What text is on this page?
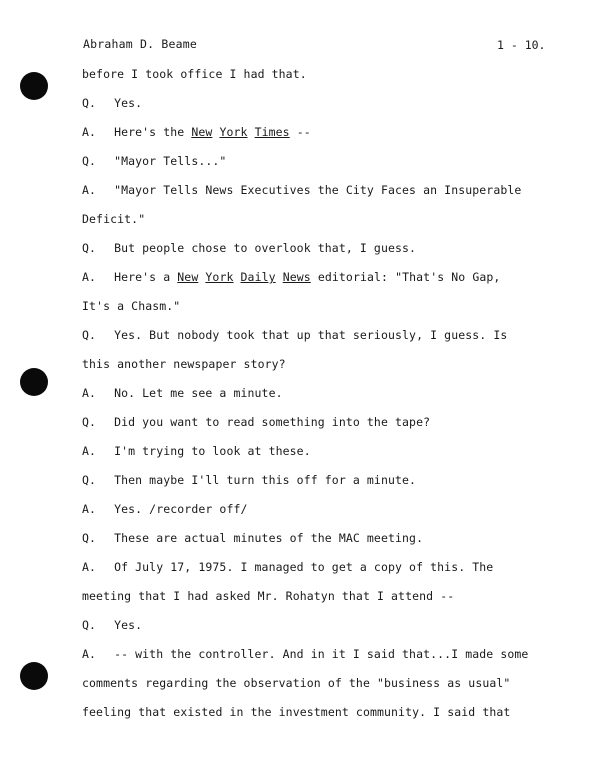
Abraham D. Beame	1 - 10.
before I took office I had that.
Q. Yes.
A. Here's the New York Times --
Q. "Mayor Tells..."
A. "Mayor Tells News Executives the City Faces an Insuperable
Deficit."
Q. But people chose to overlook that, I guess.
A. Here's a New York Daily News editorial: "That's No Gap,
It's a Chasm."
Q. Yes. But nobody took that up that seriously, I guess. Is
this another newspaper story?
A. No. Let me see a minute.
Q. Did you want to read something into the tape?
A. I'm trying to look at these.
Q. Then maybe I'll turn this off for a minute.
A. Yes. /recorder off/
Q. These are actual minutes of the MAC meeting.
A. Of July 17, 1975. I managed to get a copy of this. The
meeting that I had asked Mr. Rohatyn that I attend --
Q. Yes.
A. -- with the controller. And in it I said that...I made some
comments regarding the observation of the "business as usual"
feeling that existed in the investment community. I said that
